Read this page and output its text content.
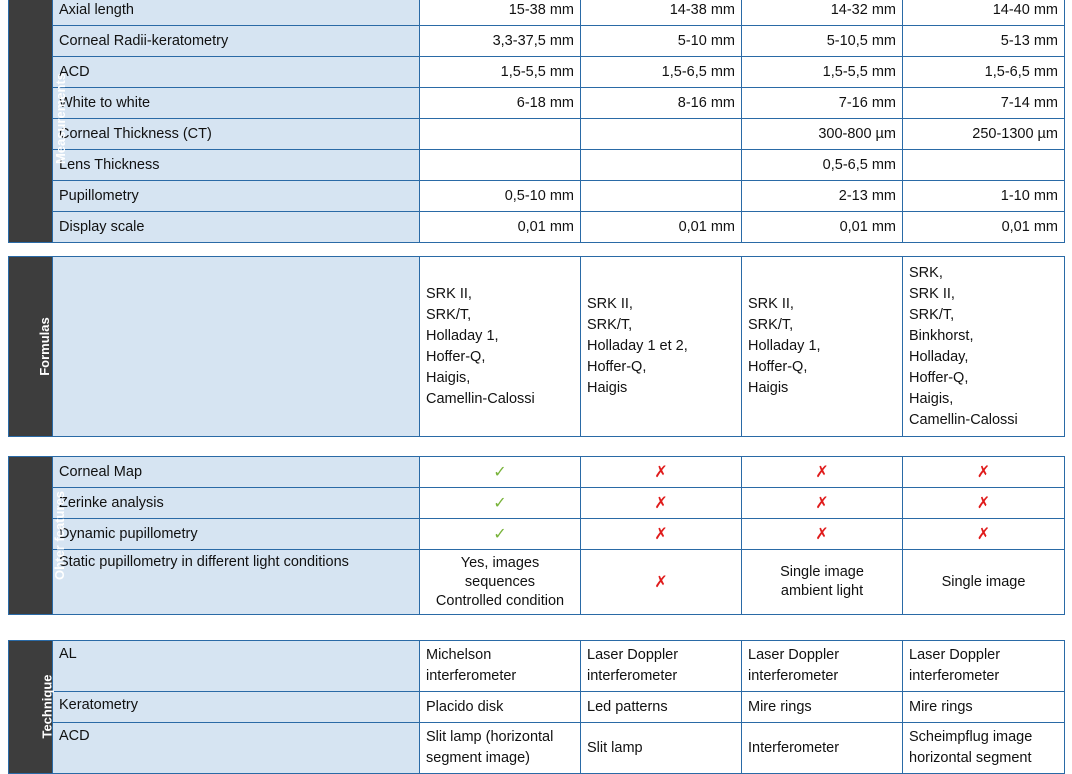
Measurements	Axial length	15-38 mm	14-38 mm	14-32 mm	14-40 mm
	Corneal Radii-keratometry	3,3-37,5 mm	5-10 mm	5-10,5 mm	5-13 mm
	ACD	1,5-5,5 mm	1,5-6,5 mm	1,5-5,5 mm	1,5-6,5 mm
	White to white	6-18 mm	8-16 mm	7-16 mm	7-14 mm
	Corneal Thickness (CT)			300-800 µm	250-1300 µm
	Lens Thickness			0,5-6,5 mm	
	Pupillometry	0,5-10 mm		2-13 mm	1-10 mm
	Display scale	0,01 mm	0,01 mm	0,01 mm	0,01 mm
Formulas		SRK II,
SRK/T,
Holladay 1,
Hoffer-Q,
Haigis,
Camellin-Calossi	SRK II,
SRK/T,
Holladay 1 et 2,
Hoffer-Q,
Haigis	SRK II,
SRK/T,
Holladay 1,
Hoffer-Q,
Haigis	SRK,
SRK II,
SRK/T,
Binkhorst,
Holladay,
Hoffer-Q,
Haigis,
Camellin-Calossi
Ohter features	Corneal Map	✓	✗	✗	✗
	Zerinke analysis	✓	✗	✗	✗
	Dynamic pupillometry	✓	✗	✗	✗
	Static pupillometry in different light conditions	Yes, images
sequences
Controlled condition	✗	Single image
ambient light	Single image
Technique	AL	Michelson
interferometer	Laser Doppler
interferometer	Laser Doppler
interferometer	Laser Doppler
interferometer
	Keratometry	Placido disk	Led patterns	Mire rings	Mire rings
	ACD	Slit lamp (horizontal
segment image)	Slit lamp	Interferometer	Scheimpflug image
horizontal segment
